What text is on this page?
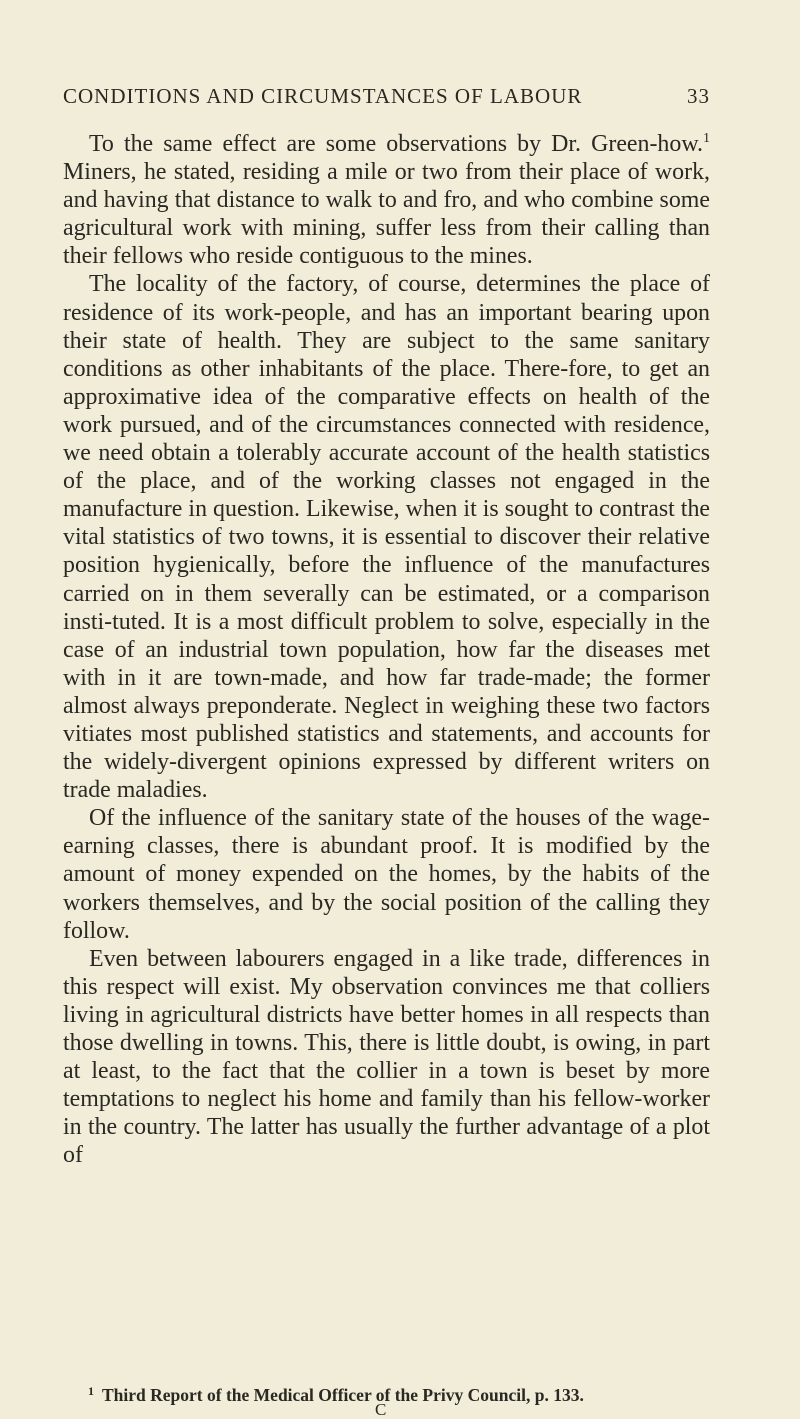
CONDITIONS AND CIRCUMSTANCES OF LABOUR	33

To the same effect are some observations by Dr. Green-how.$^1$ Miners, he stated, residing a mile or two from their place of work, and having that distance to walk to and fro, and who combine some agricultural work with mining, suffer less from their calling than their fellows who reside contiguous to the mines.

The locality of the factory, of course, determines the place of residence of its work-people, and has an important bearing upon their state of health. They are subject to the same sanitary conditions as other inhabitants of the place. There-fore, to get an approximative idea of the comparative effects on health of the work pursued, and of the circumstances connected with residence, we need obtain a tolerably accurate account of the health statistics of the place, and of the working classes not engaged in the manufacture in question. Likewise, when it is sought to contrast the vital statistics of two towns, it is essential to discover their relative position hygienically, before the influence of the manufactures carried on in them severally can be estimated, or a comparison insti-tuted. It is a most difficult problem to solve, especially in the case of an industrial town population, how far the diseases met with in it are town-made, and how far trade-made; the former almost always preponderate. Neglect in weighing these two factors vitiates most published statistics and statements, and accounts for the widely-divergent opinions expressed by different writers on trade maladies.

Of the influence of the sanitary state of the houses of the wage-earning classes, there is abundant proof. It is modified by the amount of money expended on the homes, by the habits of the workers themselves, and by the social position of the calling they follow.

Even between labourers engaged in a like trade, differences in this respect will exist. My observation convinces me that colliers living in agricultural districts have better homes in all respects than those dwelling in towns. This, there is little doubt, is owing, in part at least, to the fact that the collier in a town is beset by more temptations to neglect his home and family than his fellow-worker in the country. The latter has usually the further advantage of a plot of

$^1$ Third Report of the Medical Officer of the Privy Council, p. 133.
C
